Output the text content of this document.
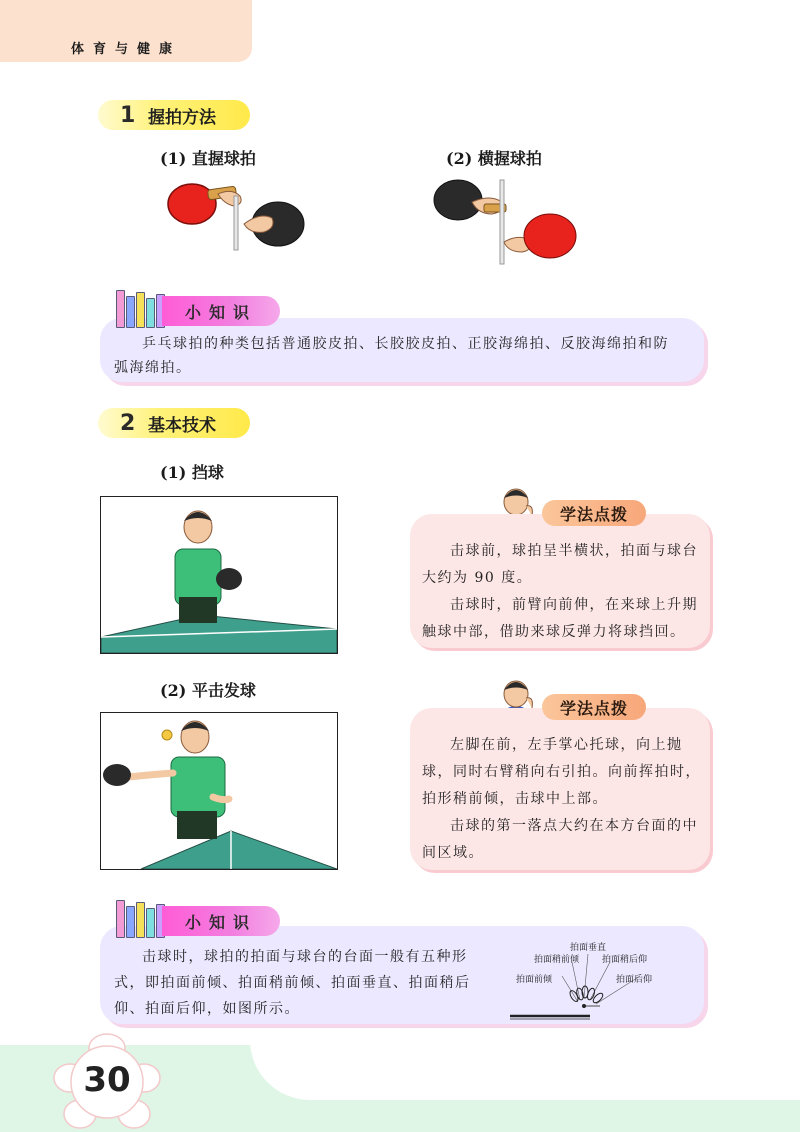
体育与健康
1 握拍方法
(1) 直握球拍	(2) 横握球拍
小知识
乒乓球拍的种类包括普通胶皮拍、长胶胶皮拍、正胶海绵拍、反胶海绵拍和防弧海绵拍。
2 基本技术
(1) 挡球
学法点拨

击球前，球拍呈半横状，拍面与球台大约为 90 度。

击球时，前臂向前伸，在来球上升期触球中部，借助来球反弹力将球挡回。

(2) 平击发球
学法点拨

左脚在前，左手掌心托球，向上抛球，同时右臂稍向右引拍。向前挥拍时，拍形稍前倾，击球中上部。

击球的第一落点大约在本方台面的中间区域。

小知识
击球时，球拍的拍面与球台的台面一般有五种形式，即拍面前倾、拍面稍前倾、拍面垂直、拍面稍后仰、拍面后仰，如图所示。
拍面垂直
拍面稍前倾	拍面稍后仰
拍面前倾	拍面后仰
30
